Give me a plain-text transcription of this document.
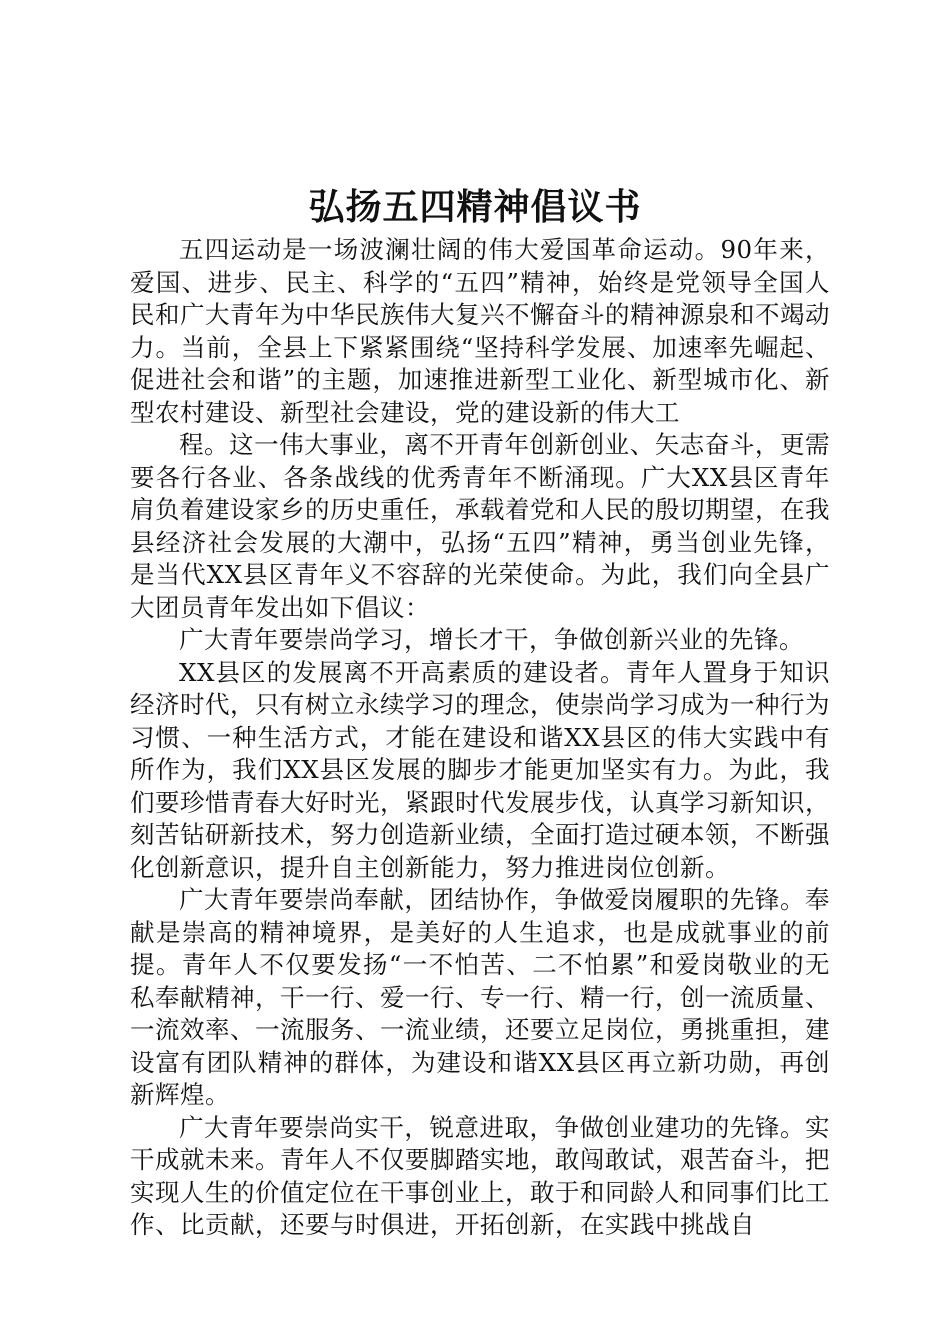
弘扬五四精神倡议书

五四运动是一场波澜壮阔的伟大爱国革命运动。90年来，爱国、进步、民主、科学的“五四”精神，始终是党领导全国人民和广大青年为中华民族伟大复兴不懈奋斗的精神源泉和不竭动力。当前，全县上下紧紧围绕“坚持科学发展、加速率先崛起、促进社会和谐”的主题，加速推进新型工业化、新型城市化、新型农村建设、新型社会建设，党的建设新的伟大工

程。这一伟大事业，离不开青年创新创业、矢志奋斗，更需要各行各业、各条战线的优秀青年不断涌现。广大XX县区青年肩负着建设家乡的历史重任，承载着党和人民的殷切期望，在我县经济社会发展的大潮中，弘扬“五四”精神，勇当创业先锋，是当代XX县区青年义不容辞的光荣使命。为此，我们向全县广大团员青年发出如下倡议：

广大青年要崇尚学习，增长才干，争做创新兴业的先锋。

XX县区的发展离不开高素质的建设者。青年人置身于知识经济时代，只有树立永续学习的理念，使崇尚学习成为一种行为习惯、一种生活方式，才能在建设和谐XX县区的伟大实践中有所作为，我们XX县区发展的脚步才能更加坚实有力。为此，我们要珍惜青春大好时光，紧跟时代发展步伐，认真学习新知识，刻苦钻研新技术，努力创造新业绩，全面打造过硬本领，不断强化创新意识，提升自主创新能力，努力推进岗位创新。

广大青年要崇尚奉献，团结协作，争做爱岗履职的先锋。奉献是崇高的精神境界，是美好的人生追求，也是成就事业的前提。青年人不仅要发扬“一不怕苦、二不怕累”和爱岗敬业的无私奉献精神，干一行、爱一行、专一行、精一行，创一流质量、一流效率、一流服务、一流业绩，还要立足岗位，勇挑重担，建设富有团队精神的群体，为建设和谐XX县区再立新功勋，再创新辉煌。

广大青年要崇尚实干，锐意进取，争做创业建功的先锋。实干成就未来。青年人不仅要脚踏实地，敢闯敢试，艰苦奋斗，把实现人生的价值定位在干事创业上，敢于和同龄人和同事们比工作、比贡献，还要与时俱进，开拓创新，在实践中挑战自
